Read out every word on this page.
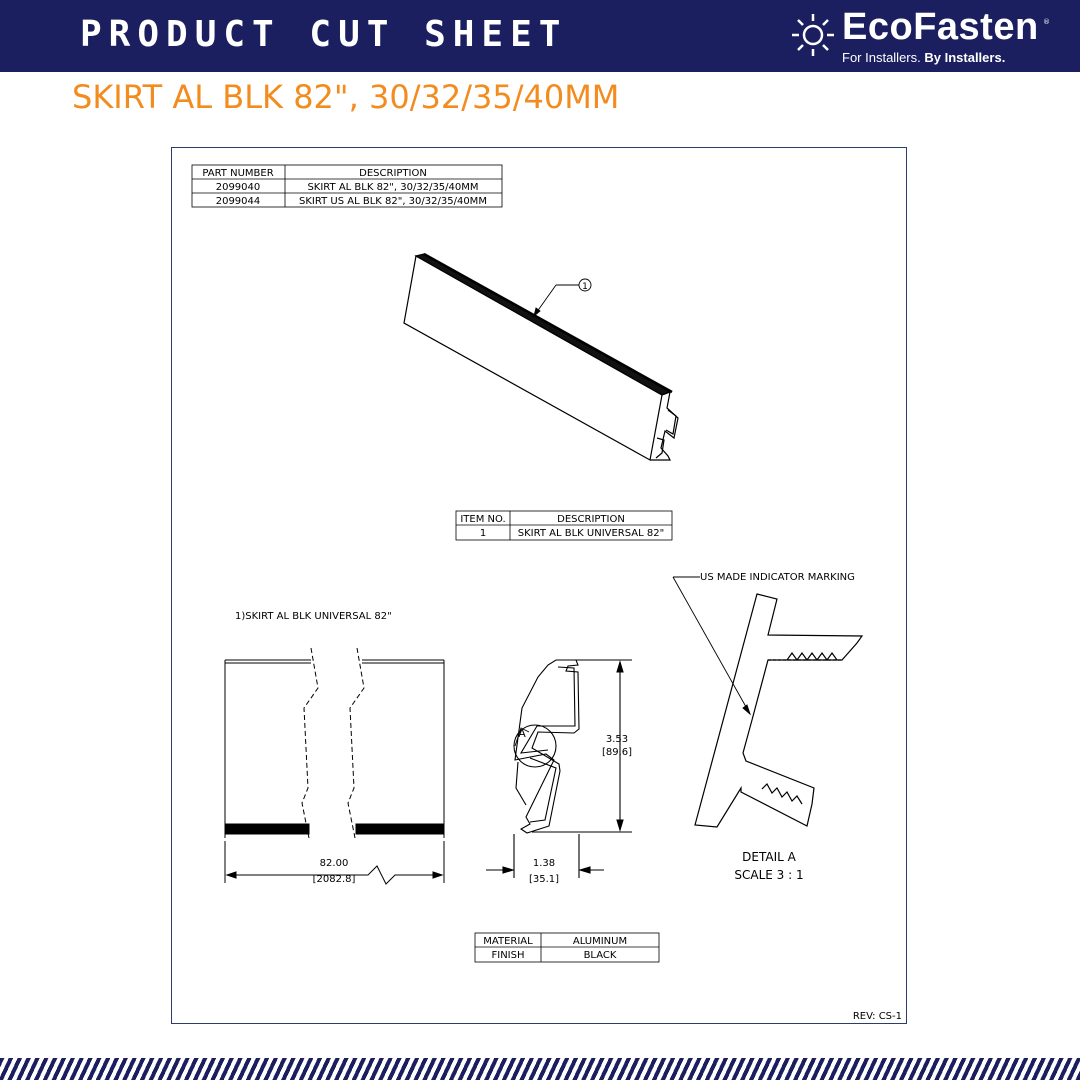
PRODUCT CUT SHEET	EcoFasten ®
For Installers. By Installers.
SKIRT AL BLK 82", 30/32/35/40MM
PART NUMBER	DESCRIPTION
2099040	SKIRT AL BLK 82", 30/32/35/40MM
2099044	SKIRT US AL BLK 82", 30/32/35/40MM
1
ITEM NO.	DESCRIPTION
1	SKIRT AL BLK UNIVERSAL 82"
1)SKIRT AL BLK UNIVERSAL 82"
82.00
[2082.8]
3.53
[89.6]
1.38
[35.1]
A
US MADE INDICATOR MARKING
DETAIL A
SCALE 3 : 1
MATERIAL	ALUMINUM
FINISH	BLACK
REV: CS-1
